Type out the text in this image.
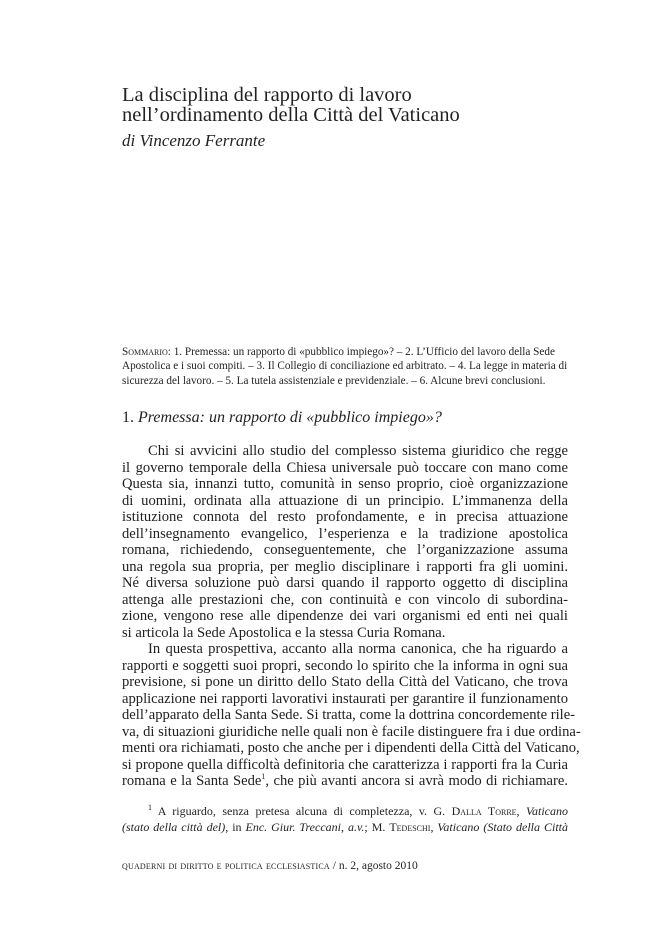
La disciplina del rapporto di lavoro
nell’ordinamento della Città del Vaticano

di Vincenzo Ferrante

Sommario: 1. Premessa: un rapporto di «pubblico impiego»? – 2. L’Ufficio del lavoro della Sede
Apostolica e i suoi compiti. – 3. Il Collegio di conciliazione ed arbitrato. – 4. La legge in materia di
sicurezza del lavoro. – 5. La tutela assistenziale e previdenziale. – 6. Alcune brevi conclusioni.

1. Premessa: un rapporto di «pubblico impiego»?

Chi si avvicini allo studio del complesso sistema giuridico che regge
il governo temporale della Chiesa universale può toccare con mano come
Questa sia, innanzi tutto, comunità in senso proprio, cioè organizzazione
di uomini, ordinata alla attuazione di un principio. L’immanenza della
istituzione connota del resto profondamente, e in precisa attuazione
dell’insegnamento evangelico, l’esperienza e la tradizione apostolica
romana, richiedendo, conseguentemente, che l’organizzazione assuma
una regola sua propria, per meglio disciplinare i rapporti fra gli uomini.
Né diversa soluzione può darsi quando il rapporto oggetto di disciplina
attenga alle prestazioni che, con continuità e con vincolo di subordina-
zione, vengono rese alle dipendenze dei vari organismi ed enti nei quali
si articola la Sede Apostolica e la stessa Curia Romana.

In questa prospettiva, accanto alla norma canonica, che ha riguardo a
rapporti e soggetti suoi propri, secondo lo spirito che la informa in ogni sua
previsione, si pone un diritto dello Stato della Città del Vaticano, che trova
applicazione nei rapporti lavorativi instaurati per garantire il funzionamento
dell’apparato della Santa Sede. Si tratta, come la dottrina concordemente rile-
va, di situazioni giuridiche nelle quali non è facile distinguere fra i due ordina-
menti ora richiamati, posto che anche per i dipendenti della Città del Vaticano,
si propone quella difficoltà definitoria che caratterizza i rapporti fra la Curia
romana e la Santa Sede$^1$, che più avanti ancora si avrà modo di richiamare.

$^1$ A riguardo, senza pretesa alcuna di completezza, v. G. Dalla Torre, Vaticano
(stato della città del), in Enc. Giur. Treccani, a.v.; M. Tedeschi, Vaticano (Stato della Città
quaderni di diritto e politica ecclesiastica / n. 2, agosto 2010
